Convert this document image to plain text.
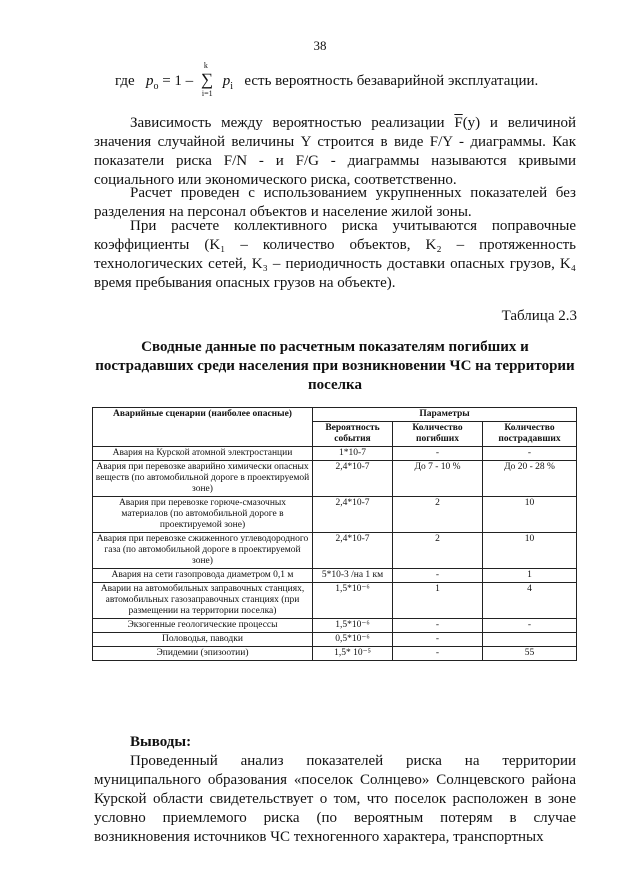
38
где $p_o = 1$ – ∑
k
i=1
$p_i$ есть вероятность безаварийной эксплуатации.

Зависимость между вероятностью реализации $\overline{F}(y)$ и величиной значения случайной величины Y строится в виде F/Y - диаграммы. Как показатели риска F/N - и F/G - диаграммы называются кривыми социального или экономического риска, соответственно.

Расчет проведен с использованием укрупненных показателей без разделения на персонал объектов и население жилой зоны.

При расчете коллективного риска учитываются поправочные коэффициенты (K₁ – количество объектов, K₂ – протяженность технологических сетей, K₃ – периодичность доставки опасных грузов, K₄ время пребывания опасных грузов на объекте).

Таблица 2.3
Сводные данные по расчетным показателям погибших и пострадавших среди населения при возникновении ЧС на территории поселка
Аварийные сценарии (наиболее опасные)	Параметры		
	Вероятность события	Количество погибших	Количество пострадавших
Авария на Курской атомной электростанции	1*10-7	-	-
Авария при перевозке аварийно химически опасных веществ (по автомобильной дороге в проектируемой зоне)	2,4*10-7	До 7 - 10 %	До 20 - 28 %
Авария при перевозке горюче-смазочных материалов (по автомобильной дороге в проектируемой зоне)	2,4*10-7	2	10
Авария при перевозке сжиженного углеводородного газа (по автомобильной дороге в проектируемой зоне)	2,4*10-7	2	10
Авария на сети газопровода диаметром 0,1 м	5*10-3 /на 1 км	-	1
Аварии на автомобильных заправочных станциях, автомобильных газозаправочных станциях (при размещении на территории поселка)	1,5*10⁻⁶	1	4
Экзогенные геологические процессы	1,5*10⁻⁶	-	-
Половодья, паводки	0,5*10⁻⁶	-	
Эпидемии (эпизоотии)	1,5* 10⁻⁵	-	55
Выводы:

Проведенный анализ показателей риска на территории муниципального образования «поселок Солнцево» Солнцевского района Курской области свидетельствует о том, что поселок расположен в зоне условно приемлемого риска (по вероятным потерям в случае возникновения источников ЧС техногенного характера, транспортных
